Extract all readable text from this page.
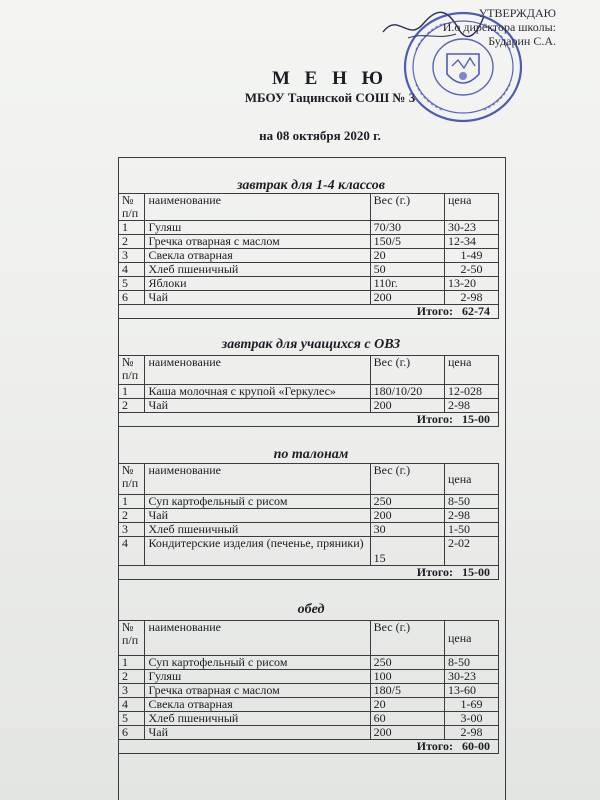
УТВЕРЖДАЮ
И.о директора школы:
Бударин С.А.
М Е Н Ю
МБОУ Тацинской СОШ № 3
на 08 октября 2020 г.
завтрак для 1-4 классов
№ п/п	наименование	Вес (г.)	цена
1	Гуляш	70/30	30-23
2	Гречка отварная с маслом	150/5	12-34
3	Свекла отварная	20	1-49
4	Хлеб пшеничный	50	2-50
5	Яблоки	110г.	13-20
6	Чай	200	2-98
Итого: 62-74			
завтрак для учащихся с ОВЗ
№ п/п	наименование	Вес (г.)	цена
1	Каша молочная с крупой «Геркулес»	180/10/20	12-028
2	Чай	200	2-98
Итого: 15-00			
по талонам
№ п/п	наименование	Вес (г.)	цена
1	Суп картофельный с рисом	250	8-50
2	Чай	200	2-98
3	Хлеб пшеничный	30	1-50
4	Кондитерские изделия (печенье, пряники)	15	2-02
Итого: 15-00			
обед
№ п/п	наименование	Вес (г.)	цена
1	Суп картофельный с рисом	250	8-50
2	Гуляш	100	30-23
3	Гречка отварная с маслом	180/5	13-60
4	Свекла отварная	20	1-69
5	Хлеб пшеничный	60	3-00
6	Чай	200	2-98
Итого: 60-00			
